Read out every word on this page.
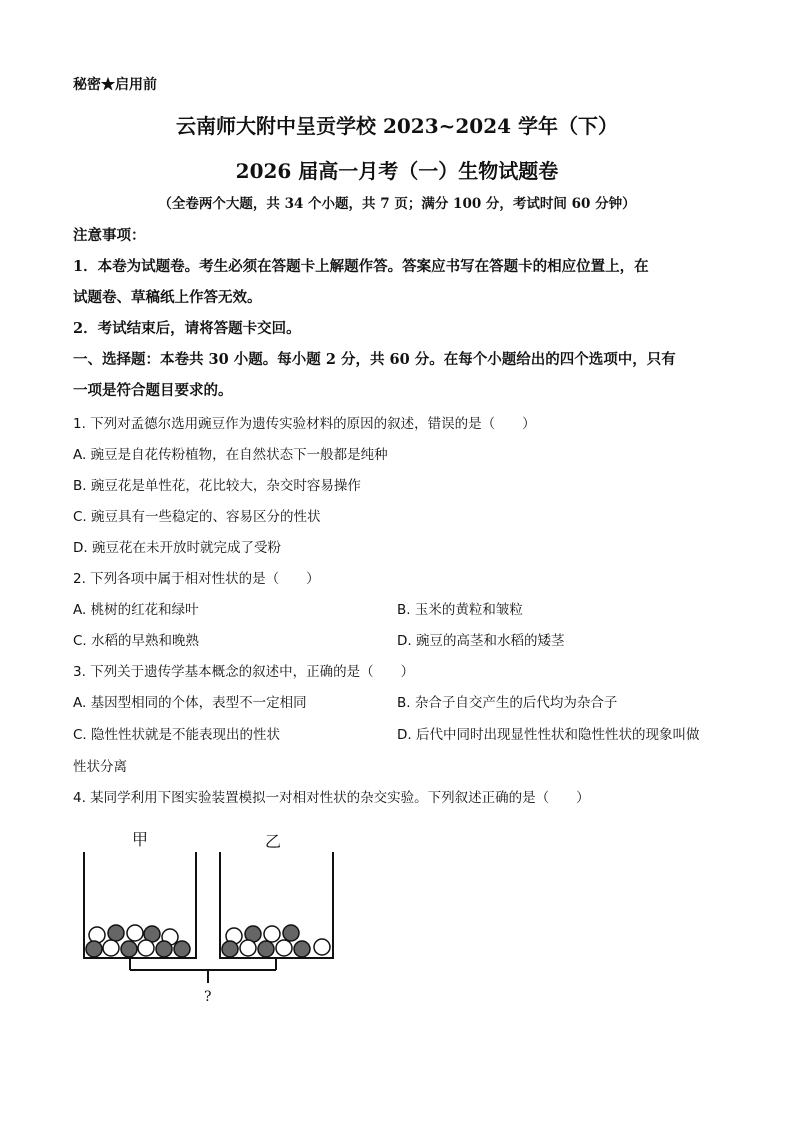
秘密★启用前
云南师大附中呈贡学校 2023~2024 学年（下）
2026 届高一月考（一）生物试题卷
（全卷两个大题，共 34 个小题，共 7 页；满分 100 分，考试时间 60 分钟）
注意事项：
1．本卷为试题卷。考生必须在答题卡上解题作答。答案应书写在答题卡的相应位置上，在
试题卷、草稿纸上作答无效。
2．考试结束后，请将答题卡交回。
一、选择题：本卷共 30 小题。每小题 2 分，共 60 分。在每个小题给出的四个选项中，只有
一项是符合题目要求的。
1. 下列对孟德尔选用豌豆作为遗传实验材料的原因的叙述，错误的是（　　）
A. 豌豆是自花传粉植物，在自然状态下一般都是纯种
B. 豌豆花是单性花，花比较大，杂交时容易操作
C. 豌豆具有一些稳定的、容易区分的性状
D. 豌豆花在未开放时就完成了受粉
2. 下列各项中属于相对性状的是（　　）
A. 桃树的红花和绿叶	B. 玉米的黄粒和皱粒
C. 水稻的早熟和晚熟	D. 豌豆的高茎和水稻的矮茎
3. 下列关于遗传学基本概念的叙述中，正确的是（　　）
A. 基因型相同的个体，表型不一定相同	B. 杂合子自交产生的后代均为杂合子
C. 隐性性状就是不能表现出的性状	D. 后代中同时出现显性性状和隐性性状的现象叫做
性状分离
4. 某同学利用下图实验装置模拟一对相对性状的杂交实验。下列叙述正确的是（　　）
甲	乙
?
